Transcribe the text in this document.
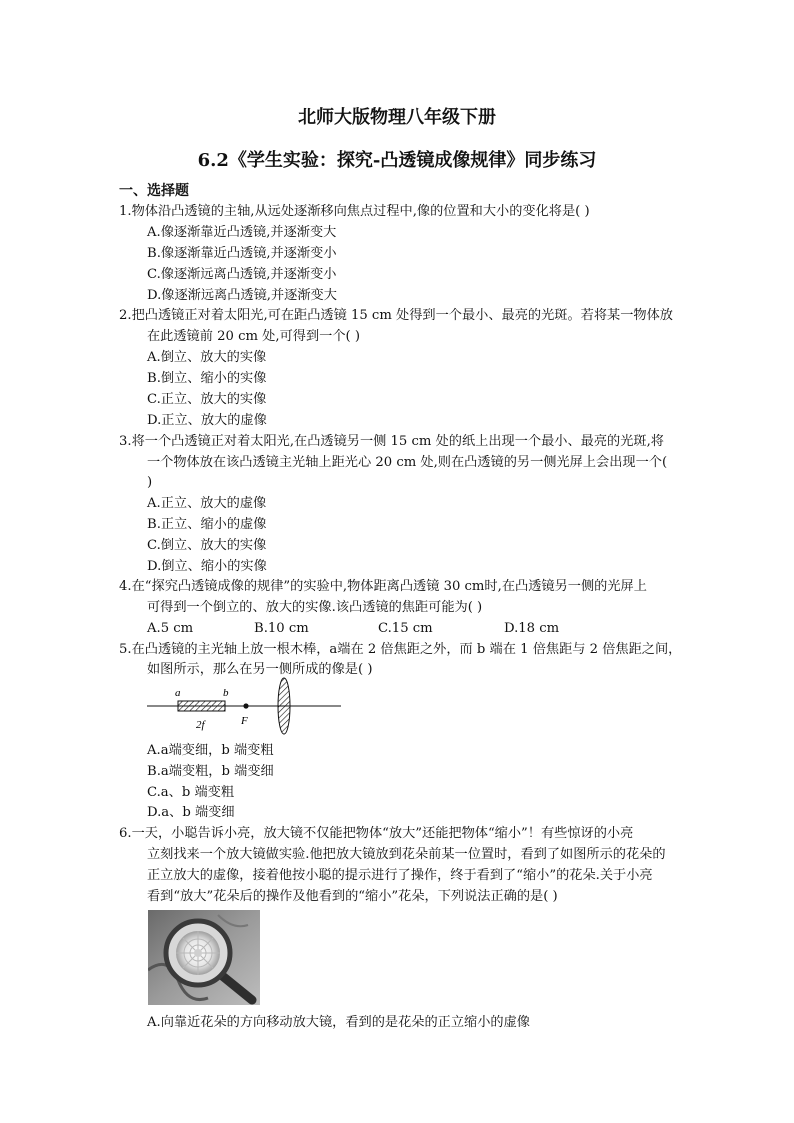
北师大版物理八年级下册
6.2《学生实验：探究-凸透镜成像规律》同步练习
一、选择题
1.物体沿凸透镜的主轴,从远处逐渐移向焦点过程中,像的位置和大小的变化将是( )
A.像逐渐靠近凸透镜,并逐渐变大
B.像逐渐靠近凸透镜,并逐渐变小
C.像逐渐远离凸透镜,并逐渐变小
D.像逐渐远离凸透镜,并逐渐变大
2.把凸透镜正对着太阳光,可在距凸透镜 15 cm 处得到一个最小、最亮的光斑。若将某一物体放
在此透镜前 20 cm 处,可得到一个( )
A.倒立、放大的实像
B.倒立、缩小的实像
C.正立、放大的实像
D.正立、放大的虚像
3.将一个凸透镜正对着太阳光,在凸透镜另一侧 15 cm 处的纸上出现一个最小、最亮的光斑,将
一个物体放在该凸透镜主光轴上距光心 20 cm 处,则在凸透镜的另一侧光屏上会出现一个(
)
A.正立、放大的虚像
B.正立、缩小的虚像
C.倒立、放大的实像
D.倒立、缩小的实像
4.在“探究凸透镜成像的规律”的实验中,物体距离凸透镜 30 cm时,在凸透镜另一侧的光屏上
可得到一个倒立的、放大的实像.该凸透镜的焦距可能为( )
A.5 cm	B.10 cm	C.15 cm	D.18 cm
5.在凸透镜的主光轴上放一根木棒，a端在 2 倍焦距之外，而 b 端在 1 倍焦距与 2 倍焦距之间，
如图所示，那么在另一侧所成的像是( )
a	b
2f	F
A.a端变细，b 端变粗
B.a端变粗，b 端变细
C.a、b 端变粗
D.a、b 端变细
6.一天，小聪告诉小亮，放大镜不仅能把物体“放大”还能把物体“缩小”！有些惊讶的小亮
立刻找来一个放大镜做实验.他把放大镜放到花朵前某一位置时，看到了如图所示的花朵的
正立放大的虚像，接着他按小聪的提示进行了操作，终于看到了“缩小”的花朵.关于小亮
看到“放大”花朵后的操作及他看到的“缩小”花朵，下列说法正确的是( )
A.向靠近花朵的方向移动放大镜，看到的是花朵的正立缩小的虚像
